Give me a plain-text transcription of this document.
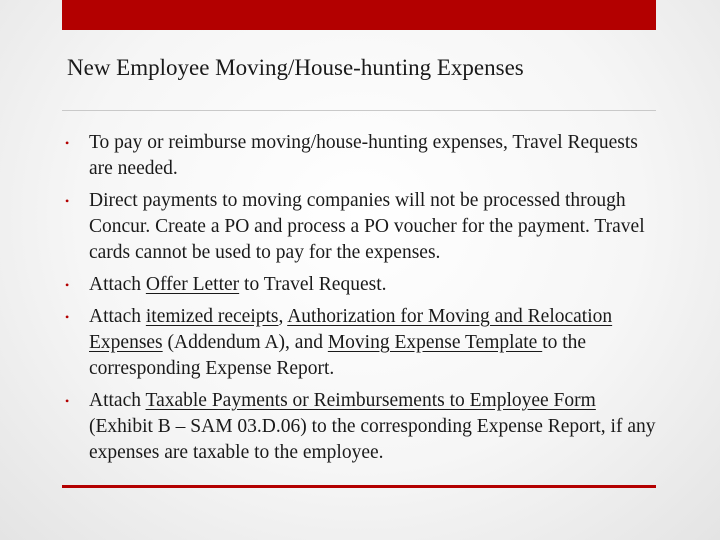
New Employee Moving/House-hunting Expenses
• To pay or reimburse moving/house-hunting expenses, Travel Requests are needed.
• Direct payments to moving companies will not be processed through Concur. Create a PO and process a PO voucher for the payment. Travel cards cannot be used to pay for the expenses.
• Attach Offer Letter to Travel Request.
• Attach itemized receipts, Authorization for Moving and Relocation Expenses (Addendum A), and Moving Expense Template to the corresponding Expense Report.
• Attach Taxable Payments or Reimbursements to Employee Form (Exhibit B – SAM 03.D.06) to the corresponding Expense Report, if any expenses are taxable to the employee.
